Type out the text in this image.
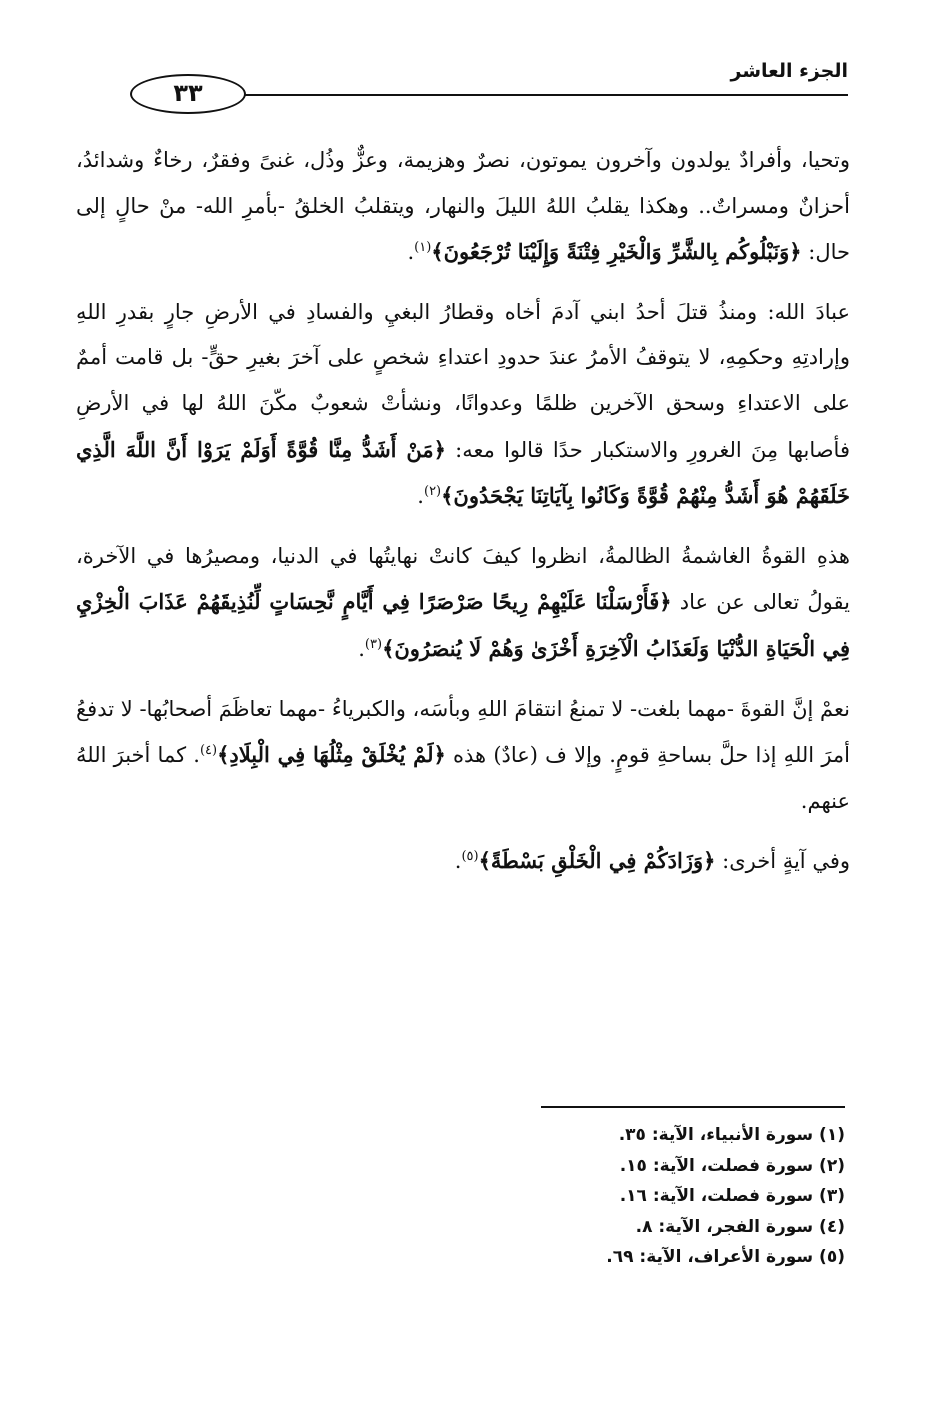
الجزء العاشر
٣٣

وتحيا، وأفرادٌ يولدون وآخرون يموتون، نصرٌ وهزيمة، وعزٌّ وذُل، غنىً وفقرٌ، رخاءٌ وشدائدُ، أحزانٌ ومسراتٌ.. وهكذا يقلبُ اللهُ الليلَ والنهار، ويتقلبُ الخلقُ -بأمرِ الله- منْ حالٍ إلى حال: ﴿وَنَبْلُوكُم بِالشَّرِّ وَالْخَيْرِ فِتْنَةً وَإِلَيْنَا تُرْجَعُونَ﴾$^{(١)}$.

عبادَ الله: ومنذُ قتلَ أحدُ ابني آدمَ أخاه وقطارُ البغيِ والفسادِ في الأرضِ جارٍ بقدرِ اللهِ وإرادتِهِ وحكمِهِ، لا يتوقفُ الأمرُ عندَ حدودِ اعتداءِ شخصٍ على آخرَ بغيرِ حقٍّ- بل قامت أممٌ على الاعتداءِ وسحق الآخرين ظلمًا وعدوانًا، ونشأتْ شعوبٌ مكّنَ اللهُ لها في الأرضِ فأصابها مِنَ الغرورِ والاستكبار حدًا قالوا معه: ﴿مَنْ أَشَدُّ مِنَّا قُوَّةً أَوَلَمْ يَرَوْا أَنَّ اللَّهَ الَّذِي خَلَقَهُمْ هُوَ أَشَدُّ مِنْهُمْ قُوَّةً وَكَانُوا بِآيَاتِنَا يَجْحَدُونَ﴾$^{(٢)}$.

هذهِ القوةُ الغاشمةُ الظالمةُ، انظروا كيفَ كانتْ نهايتُها في الدنيا، ومصيرُها في الآخرة، يقولُ تعالى عن عاد ﴿فَأَرْسَلْنَا عَلَيْهِمْ رِيحًا صَرْصَرًا فِي أَيَّامٍ نَّحِسَاتٍ لِّنُذِيقَهُمْ عَذَابَ الْخِزْيِ فِي الْحَيَاةِ الدُّنْيَا وَلَعَذَابُ الْآخِرَةِ أَخْزَىٰ وَهُمْ لَا يُنصَرُونَ﴾$^{(٣)}$.

نعمْ إنَّ القوةَ -مهما بلغت- لا تمنعُ انتقامَ اللهِ وبأسَه، والكبرياءُ -مهما تعاظَمَ أصحابُها- لا تدفعُ أمرَ اللهِ إذا حلَّ بساحةِ قومٍ. وإلا ف (عادٌ) هذه ﴿لَمْ يُخْلَقْ مِثْلُهَا فِي الْبِلَادِ﴾$^{(٤)}$. كما أخبرَ اللهُ عنهم.

وفي آيةٍ أخرى: ﴿وَزَادَكُمْ فِي الْخَلْقِ بَسْطَةً﴾$^{(٥)}$.

(١) سورة الأنبياء، الآية: ٣٥.
(٢) سورة فصلت، الآية: ١٥.
(٣) سورة فصلت، الآية: ١٦.
(٤) سورة الفجر، الآية: ٨.
(٥) سورة الأعراف، الآية: ٦٩.
